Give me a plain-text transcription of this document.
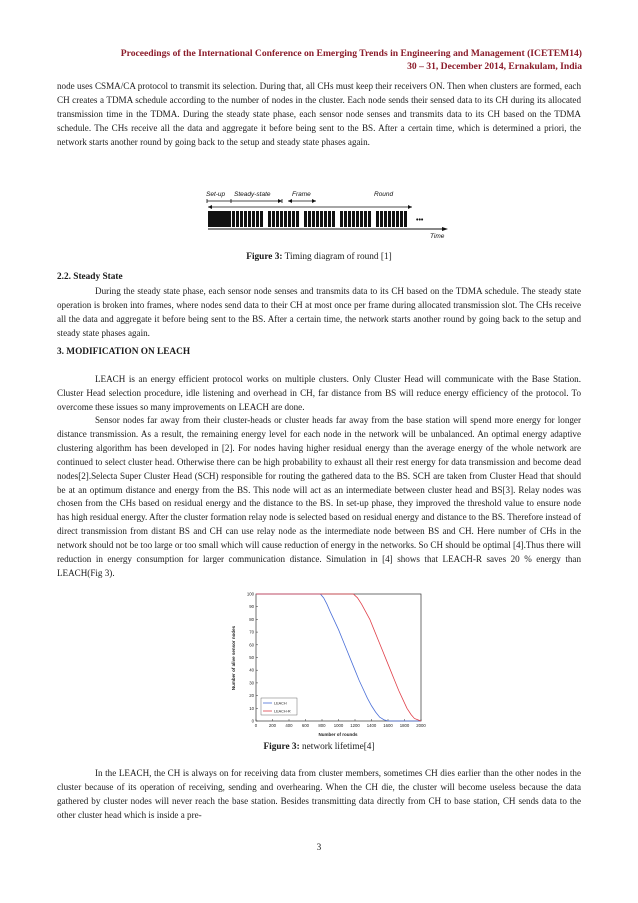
Proceedings of the International Conference on Emerging Trends in Engineering and Management (ICETEM14)
30 – 31, December 2014, Ernakulam, India

node uses CSMA/CA protocol to transmit its selection. During that, all CHs must keep their receivers ON. Then when clusters are formed, each CH creates a TDMA schedule according to the number of nodes in the cluster. Each node sends their sensed data to its CH during its allocated transmission time in the TDMA. During the steady state phase, each sensor node senses and transmits data to its CH based on the TDMA schedule. The CHs receive all the data and aggregate it before being sent to the BS. After a certain time, which is determined a priori, the network starts another round by going back to the setup and steady state phases again.

Set-up Steady-state	Frame	Round
•••
Time

Figure 3: Timing diagram of round [1]

2.2. Steady State

During the steady state phase, each sensor node senses and transmits data to its CH based on the TDMA schedule. The steady state operation is broken into frames, where nodes send data to their CH at most once per frame during allocated transmission slot. The CHs receive all the data and aggregate it before being sent to the BS. After a certain time, the network starts another round by going back to the setup and steady state phases again.

3. MODIFICATION ON LEACH

LEACH is an energy efficient protocol works on multiple clusters. Only Cluster Head will communicate with the Base Station. Cluster Head selection procedure, idle listening and overhead in CH, far distance from BS will reduce energy efficiency of the protocol. To overcome these issues so many improvements on LEACH are done.

Sensor nodes far away from their cluster-heads or cluster heads far away from the base station will spend more energy for longer distance transmission. As a result, the remaining energy level for each node in the network will be unbalanced. An optimal energy adaptive clustering algorithm has been developed in [2]. For nodes having higher residual energy than the average energy of the whole network are continued to select cluster head. Otherwise there can be high probability to exhaust all their rest energy for data transmission and become dead nodes[2].Selecta Super Cluster Head (SCH) responsible for routing the gathered data to the BS. SCH are taken from Cluster Head that should be at an optimum distance and energy from the BS. This node will act as an intermediate between cluster head and BS[3]. Relay nodes was chosen from the CHs based on residual energy and the distance to the BS. In set-up phase, they improved the threshold value to ensure node has high residual energy. After the cluster formation relay node is selected based on residual energy and distance to the BS. Therefore instead of direct transmission from distant BS and CH can use relay node as the intermediate node between BS and CH. Here number of CHs in the network should not be too large or too small which will cause reduction of energy in the networks. So CH should be optimal [4].Thus there will reduction in energy consumption for larger communication distance. Simulation in [4] shows that LEACH-R saves 20 % energy than LEACH(Fig 3).

0	200 400 600 800 1000 1200 1400 1600 1800 2000
0
10
20
30
40
50
60
70
80
90
100
LEACH
LEACH-R
Number of rounds
Number of alive sensor nodes

Figure 3: network lifetime[4]

In the LEACH, the CH is always on for receiving data from cluster members, sometimes CH dies earlier than the other nodes in the cluster because of its operation of receiving, sending and overhearing. When the CH die, the cluster will become useless because the data gathered by cluster nodes will never reach the base station. Besides transmitting data directly from CH to base station, CH sends data to the other cluster head which is inside a pre-

3
